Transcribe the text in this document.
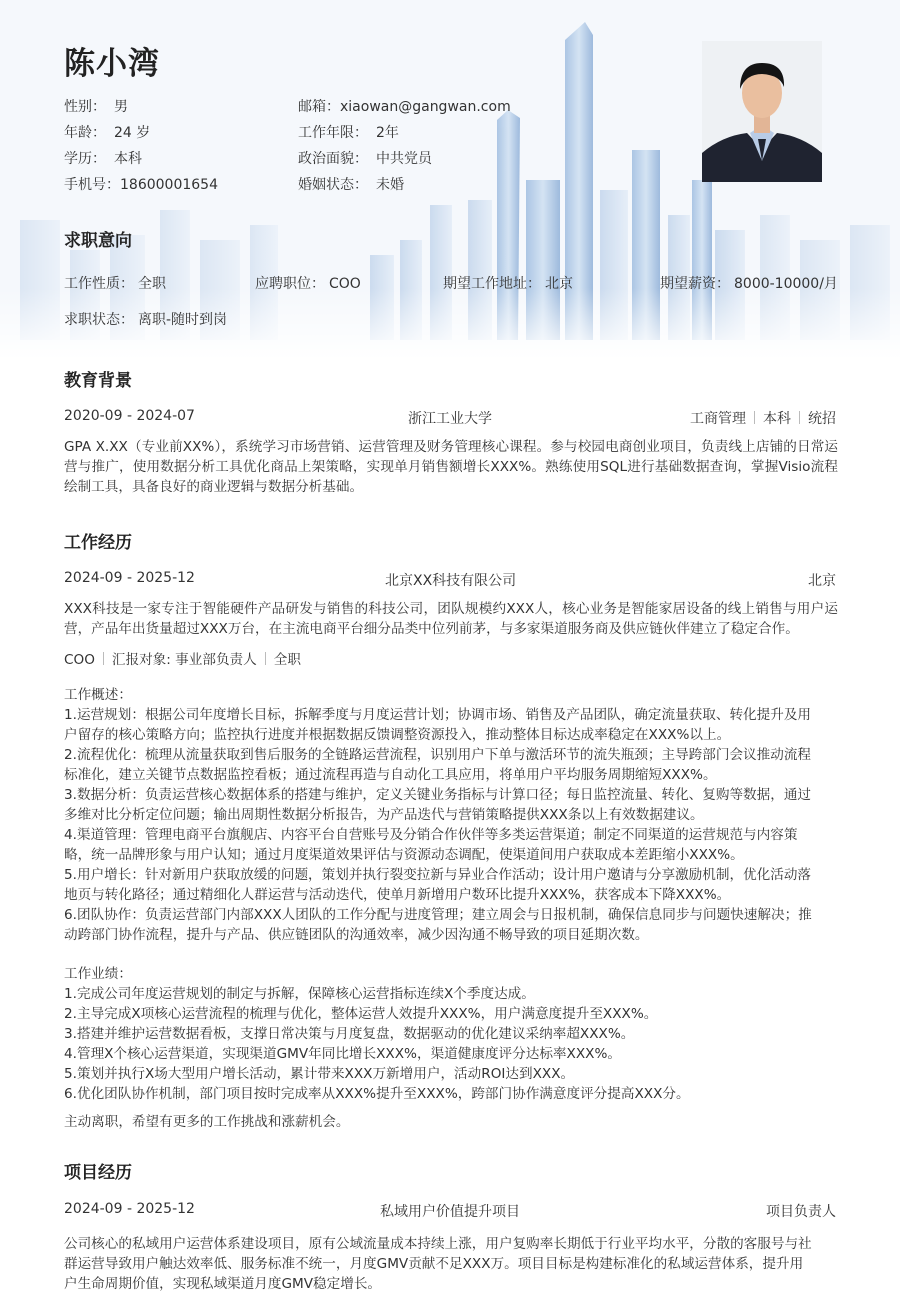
陈小湾
性别： 男
年龄： 24 岁
学历： 本科
手机号：18600001654
邮箱：xiaowan@gangwan.com
工作年限： 2年
政治面貌： 中共党员
婚姻状态： 未婚
求职意向
工作性质： 全职	应聘职位： COO	期望工作地址： 北京	期望薪资： 8000-10000/月
求职状态： 离职-随时到岗
教育背景
2020-09 - 2024-07	浙江工业大学	工商管理 本科 统招
GPA X.XX（专业前XX%），系统学习市场营销、运营管理及财务管理核心课程。参与校园电商创业项目，负责线上店铺的日常运营与推广，使用数据分析工具优化商品上架策略，实现单月销售额增长XXX%。熟练使用SQL进行基础数据查询，掌握Visio流程绘制工具，具备良好的商业逻辑与数据分析基础。
工作经历
2024-09 - 2025-12	北京XX科技有限公司	北京
XXX科技是一家专注于智能硬件产品研发与销售的科技公司，团队规模约XXX人，核心业务是智能家居设备的线上销售与用户运营，产品年出货量超过XXX万台，在主流电商平台细分品类中位列前茅，与多家渠道服务商及供应链伙伴建立了稳定合作。
COO 汇报对象: 事业部负责人 全职
工作概述：
1.运营规划：根据公司年度增长目标，拆解季度与月度运营计划；协调市场、销售及产品团队，确定流量获取、转化提升及用
户留存的核心策略方向；监控执行进度并根据数据反馈调整资源投入，推动整体目标达成率稳定在XXX%以上。
2.流程优化：梳理从流量获取到售后服务的全链路运营流程，识别用户下单与激活环节的流失瓶颈；主导跨部门会议推动流程
标准化，建立关键节点数据监控看板；通过流程再造与自动化工具应用，将单用户平均服务周期缩短XXX%。
3.数据分析：负责运营核心数据体系的搭建与维护，定义关键业务指标与计算口径；每日监控流量、转化、复购等数据，通过
多维对比分析定位问题；输出周期性数据分析报告，为产品迭代与营销策略提供XXX条以上有效数据建议。
4.渠道管理：管理电商平台旗舰店、内容平台自营账号及分销合作伙伴等多类运营渠道；制定不同渠道的运营规范与内容策
略，统一品牌形象与用户认知；通过月度渠道效果评估与资源动态调配，使渠道间用户获取成本差距缩小XXX%。
5.用户增长：针对新用户获取放缓的问题，策划并执行裂变拉新与异业合作活动；设计用户邀请与分享激励机制，优化活动落
地页与转化路径；通过精细化人群运营与活动迭代，使单月新增用户数环比提升XXX%，获客成本下降XXX%。
6.团队协作：负责运营部门内部XXX人团队的工作分配与进度管理；建立周会与日报机制，确保信息同步与问题快速解决；推
动跨部门协作流程，提升与产品、供应链团队的沟通效率，减少因沟通不畅导致的项目延期次数。
工作业绩：
1.完成公司年度运营规划的制定与拆解，保障核心运营指标连续X个季度达成。
2.主导完成X项核心运营流程的梳理与优化，整体运营人效提升XXX%，用户满意度提升至XXX%。
3.搭建并维护运营数据看板，支撑日常决策与月度复盘，数据驱动的优化建议采纳率超XXX%。
4.管理X个核心运营渠道，实现渠道GMV年同比增长XXX%，渠道健康度评分达标率XXX%。
5.策划并执行X场大型用户增长活动，累计带来XXX万新增用户，活动ROI达到XXX。
6.优化团队协作机制，部门项目按时完成率从XXX%提升至XXX%，跨部门协作满意度评分提高XXX分。
主动离职，希望有更多的工作挑战和涨薪机会。
项目经历
2024-09 - 2025-12	私域用户价值提升项目	项目负责人
公司核心的私域用户运营体系建设项目，原有公域流量成本持续上涨，用户复购率长期低于行业平均水平，分散的客服号与社
群运营导致用户触达效率低、服务标准不统一，月度GMV贡献不足XXX万。项目目标是构建标准化的私域运营体系，提升用
户生命周期价值，实现私域渠道月度GMV稳定增长。
